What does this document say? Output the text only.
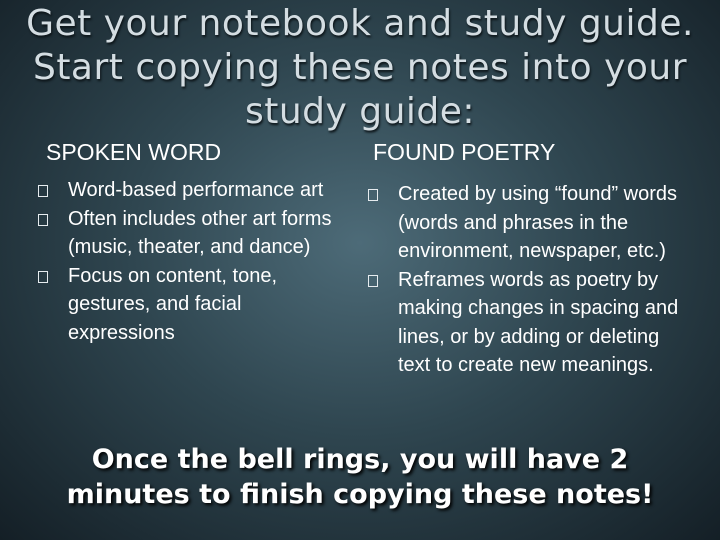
Get your notebook and study guide.
Start copying these notes into your
study guide:
SPOKEN WORD
Word-based performance art
Often includes other art forms (music, theater, and dance)
Focus on content, tone, gestures, and facial expressions
FOUND POETRY
Created by using “found” words (words and phrases in the environment, newspaper, etc.)
Reframes words as poetry by making changes in spacing and lines, or by adding or deleting text to create new meanings.
Once the bell rings, you will have 2
minutes to finish copying these notes!
